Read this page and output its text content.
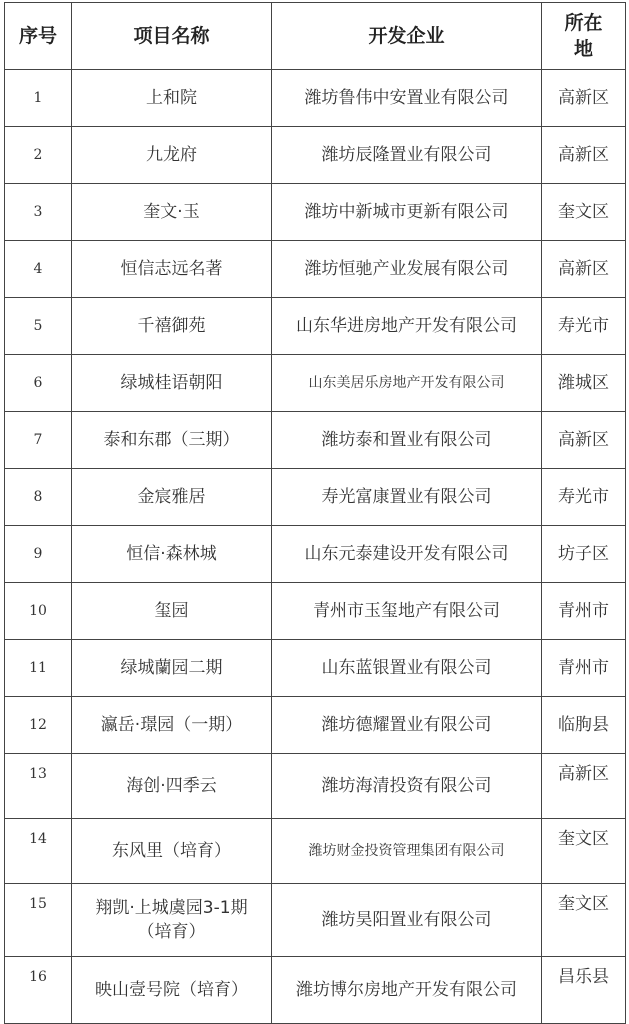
序号	项目名称	开发企业	所在地
1	上和院	潍坊鲁伟中安置业有限公司	高新区
2	九龙府	潍坊辰隆置业有限公司	高新区
3	奎文·玉	潍坊中新城市更新有限公司	奎文区
4	恒信志远名著	潍坊恒驰产业发展有限公司	高新区
5	千禧御苑	山东华进房地产开发有限公司	寿光市
6	绿城桂语朝阳	山东美居乐房地产开发有限公司	潍城区
7	泰和东郡（三期）	潍坊泰和置业有限公司	高新区
8	金宸雅居	寿光富康置业有限公司	寿光市
9	恒信·森林城	山东元泰建设开发有限公司	坊子区
10	玺园	青州市玉玺地产有限公司	青州市
11	绿城蘭园二期	山东蓝银置业有限公司	青州市
12	瀛岳·璟园（一期）	潍坊德耀置业有限公司	临朐县
13	海创·四季云	潍坊海清投资有限公司	高新区
14	东风里（培育）	潍坊财金投资管理集团有限公司	奎文区
15	翔凯·上城虞园3-1期（培育）	潍坊昊阳置业有限公司	奎文区
16	映山壹号院（培育）	潍坊博尔房地产开发有限公司	昌乐县
